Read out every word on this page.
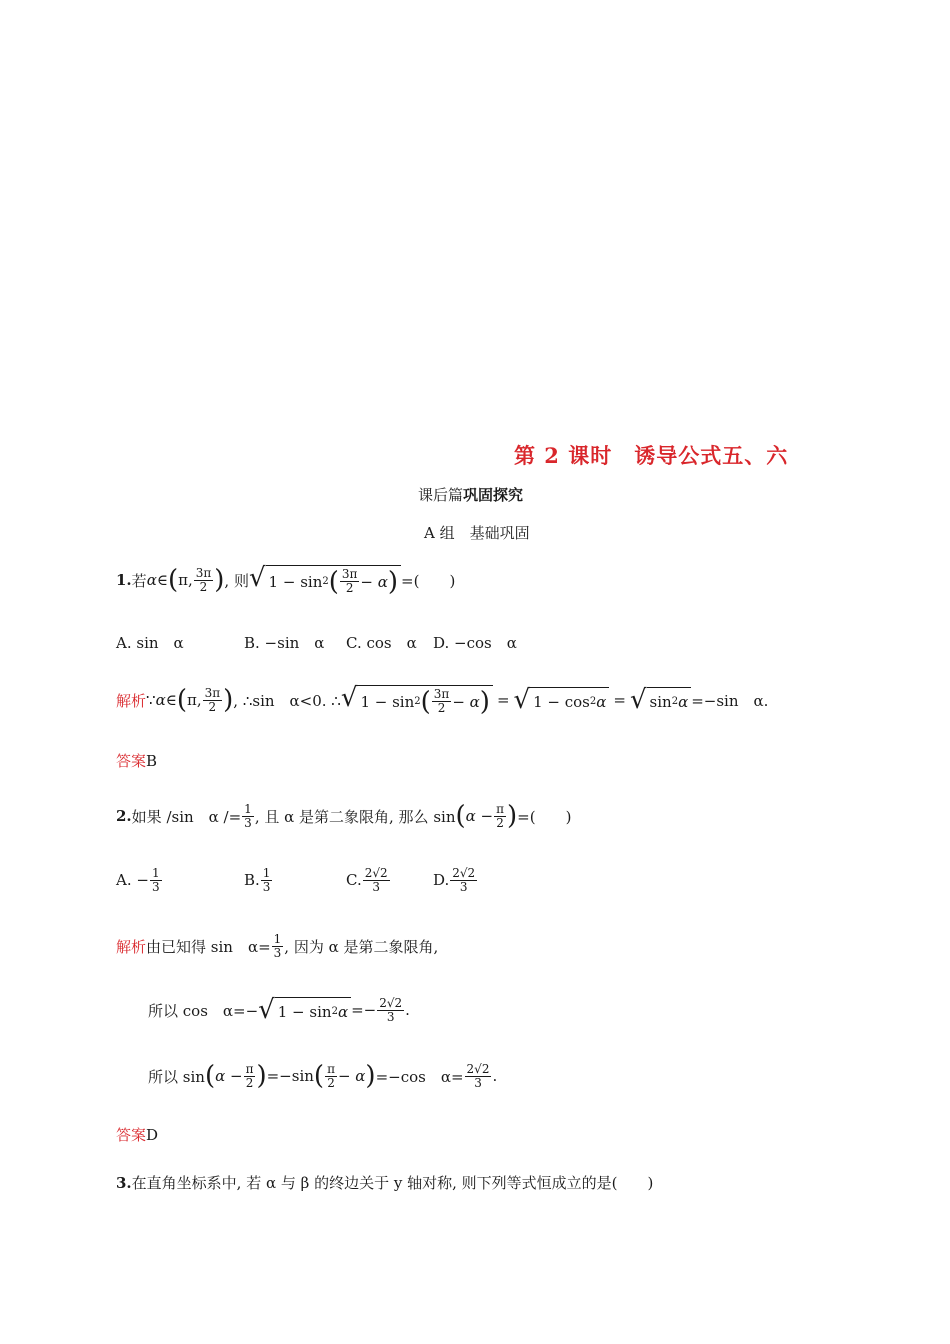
第 2 课时　诱导公式五、六
课后篇巩固探究
A 组　基础巩固
1. 若 α ∈ ( π, $\frac{3\pi}{2}$ ) , 则 √ 1 − sin 2 ( $\frac{3\pi}{2} - \alpha$ ) =(　　)
A. sin　α	B. −sin　α C. cos　α D. −cos　α
解析 ∵ α ∈ ( π, $\frac{3\pi}{2}$ ) , ∴sin　α<0. ∴ √ 1 − sin 2 ( $\frac{3\pi}{2} - \alpha$ ) = √ 1 − cos 2 α = √ sin 2 α =−sin　α.
答案B
2. 如果 /sin　$\alpha /= \frac{1}{3}$ , 且 α 是第二象限角, 那么 sin ( $\alpha - \frac{\pi}{2}$ ) =(　　)
A. − $\frac{1}{3}$	B. $\frac{1}{3}$	C. $\frac{2√2}{3}$	D. $\frac{2√2}{3}$
解析 由已知得 sin　$\alpha= \frac{1}{3}$ , 因为 α 是第二象限角,
所以 cos　α=− √ 1 − sin 2 $\alpha =- \frac{2√2}{3}$ .
所以 sin ( $\alpha - \frac{\pi}{2}$ ) =−sin ( $\frac{\pi}{2} - \alpha$ ) =−cos　$\alpha= \frac{2√2}{3}$ .
答案D
3.在直角坐标系中, 若 α 与 β 的终边关于 y 轴对称, 则下列等式恒成立的是(　　)
